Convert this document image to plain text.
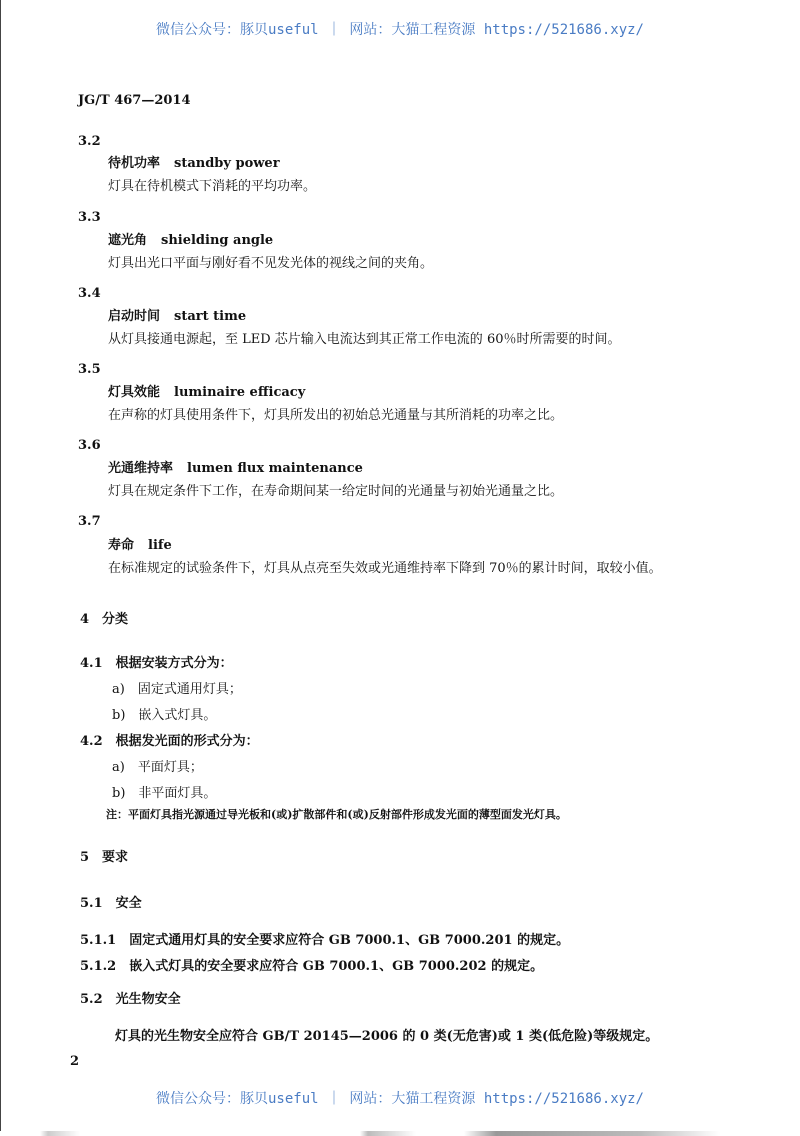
微信公众号：豚贝useful ｜ 网站：大猫工程资源 https://521686.xyz/
JG/T 467—2014
3.2
待机功率 standby power
灯具在待机模式下消耗的平均功率。
3.3
遮光角 shielding angle
灯具出光口平面与刚好看不见发光体的视线之间的夹角。
3.4
启动时间 start time
从灯具接通电源起，至 LED 芯片输入电流达到其正常工作电流的 60％时所需要的时间。
3.5
灯具效能 luminaire efficacy
在声称的灯具使用条件下，灯具所发出的初始总光通量与其所消耗的功率之比。
3.6
光通维持率 lumen flux maintenance
灯具在规定条件下工作，在寿命期间某一给定时间的光通量与初始光通量之比。
3.7
寿命 life
在标准规定的试验条件下，灯具从点亮至失效或光通维持率下降到 70％的累计时间，取较小值。
4　分类
4.1　根据安装方式分为：
a)　固定式通用灯具；
b)　嵌入式灯具。
4.2　根据发光面的形式分为：
a)　平面灯具；
b)　非平面灯具。
注：平面灯具指光源通过导光板和(或)扩散部件和(或)反射部件形成发光面的薄型面发光灯具。
5　要求
5.1　安全
5.1.1　固定式通用灯具的安全要求应符合 GB 7000.1、GB 7000.201 的规定。
5.1.2　嵌入式灯具的安全要求应符合 GB 7000.1、GB 7000.202 的规定。
5.2　光生物安全
灯具的光生物安全应符合 GB/T 20145—2006 的 0 类(无危害)或 1 类(低危险)等级规定。
2
微信公众号：豚贝useful ｜ 网站：大猫工程资源 https://521686.xyz/
